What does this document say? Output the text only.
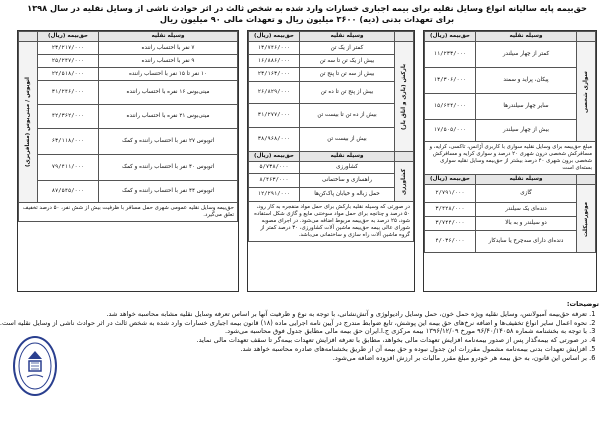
حق‌بیمه پایه سالیانه انواع وسایل نقلیه برای بیمه اجباری خسارات وارد شده به شخص ثالث در اثر حوادث ناشی از وسایل نقلیه در سال ۱۳۹۸
برای تعهدات بدنی (دیه) ۳۶۰۰ میلیون ریال و تعهدات مالی ۹۰ میلیون ریال
	وسیله نقلیه	حق‌بیمه (ریال)
سواری شخصی	کمتر از چهار سیلندر	۱۱/۲۳۳/۰۰۰
	پیکان، پراید و سمند	۱۳/۳۰۶/۰۰۰
	سایر چهار سیلندرها	۱۵/۶۴۴/۰۰۰
	بیش از چهار سیلندر	۱۷/۵۰۵/۰۰۰
مبلغ حق‌بیمه برای وسایل نقلیه سواری با کاربری آژانس، تاکسی، کرایه، و مسافرکش شخصی درون شهری ۲۰ درصد و سواری کرایه و مسافرکش شخصی برون شهری ۴۰ درصد بیشتر از حق‌بیمه وسایل نقلیه سواری بسته‌ای است		
	وسیله نقلیه	حق‌بیمه (ریال)
موتورسیکلت	گازی	۲/۷۹۱/۰۰۰
	دنده‌ای یک سیلندر	۳/۴۲۸/۰۰۰
	دو سیلندر و به بالا	۳/۷۴۴/۰۰۰
	دنده‌ای دارای سه‌چرخ یا سایدکار	۴/۰۳۶/۰۰۰
	وسیله نقلیه	حق‌بیمه (ریال)
بارکش (باری و اتاق بار)	کمتر از یک تن	۱۳/۷۴۶/۰۰۰
	بیش از یک تن تا سه تن	۱۶/۸۸۶/۰۰۰
	بیش از سه تن تا پنج تن	۲۳/۱۶۳/۰۰۰
	بیش از پنج تن تا ده تن	۲۶/۸۲۹/۰۰۰
	بیش از ده تن تا بیست تن	۳۱/۲۷۷/۰۰۰
	بیش از بیست تن	۳۸/۹۶۸/۰۰۰
	وسیله نقلیه	حق‌بیمه (ریال)
کشاورزی	کشاورزی	۵/۷۳۸/۰۰۰
	راهسازی و ساختمانی	۸/۴۶۳/۰۰۰
	حمل زباله و خیابان پاک‌کن‌ها	۱۲/۲۹۱/۰۰۰
در صورتی که وسیله نقلیه بارکش برای حمل مواد منفجره به کار رود، ۵۰ درصد و چنانچه برای حمل مواد سوختنی مایع و گازی شکل استفاده شود، ۲۵ درصد به حق‌بیمه مربوط اضافه می‌شود. در اجرای مصوبه شورای عالی بیمه حق‌بیمه ماشین آلات کشاورزی، ۳۰ درصد کمتر از گروه ماشین آلات راه سازی و ساختمانی می‌باشد.		
وسیله نقلیه	حق‌بیمه (ریال)	
۷ نفر با احتساب راننده	۲۳/۲۱۷/۰۰۰	اتوبوس / مینی‌بوس (مسافربری)
۹ نفر با احتساب راننده	۲۵/۲۴۷/۰۰۰	
۱۰ نفر تا ۱۵ نفر با احتساب راننده	۲۲/۵۱۸/۰۰۰	
مینی‌بوس ۱۶ نفره با احتساب راننده	۳۱/۲۴۶/۰۰۰	
مینی‌بوس ۲۱ نفره با احتساب راننده	۴۲/۳۶۲/۰۰۰	
اتوبوس ۲۷ نفر با احتساب راننده و کمک	۶۳/۱۱۸/۰۰۰	
اتوبوس ۴۰ نفر با احتساب راننده و کمک	۷۹/۴۱۱/۰۰۰	
اتوبوس ۴۴ نفر با احتساب راننده و کمک	۸۷/۵۴۵/۰۰۰	
حق‌بیمه وسایل نقلیه عمومی شهری حمل مسافر با ظرفیت بیش از شش نفر، ۵۰ درصد تخفیف تعلق می‌گیرد.		
توضیحات:
1. تعرفه حق‌بیمه آمبولانس، وسایل نقلیه ویژه حمل خون، حمل وسایل رادیولوژی و آتش‌نشانی، با توجه به نوع و ظرفیت آنها بر اساس تعرفه وسایل نقلیه مشابه محاسبه خواهد شد.
2. نحوه اعمال سایر انواع تخفیف‌ها و اضافه نرخ‌های حق بیمه این پوشش، تابع ضوابط مندرج در آیین نامه اجرایی ماده (۱۸) قانون بیمه اجباری خسارات وارد شده به شخص ثالث در اثر حوادث ناشی از وسایل نقلیه است.
3. با توجه به بخشنامه شماره ۹۶/۴۰/۱۴۰۵۸ مورخ ۱۳۹۶/۱۲/۰۹ بیمه مرکزی ج.ا.ایران حق بیمه مالی مطابق جدول فوق محاسبه می‌شود.
4. در صورتی که بیمه‌گذار پس از صدور بیمه‌نامه افزایش تعهدات مالی بخواهد، مطابق با تعرفه افزایش تعهدات بیمه‌گر تا سقف تعهدات مالی نماید.
5. افزایش تعهدات بدنی بیمه‌نامه مشمول مقررات این جدول نبوده و حق بیمه آن از طریق بخشنامه‌های صادره محاسبه خواهد شد.
6. بر اساس این قانون، به حق بیمه هر خودرو مبلغ مقرر مالیات بر ارزش افزوده اضافه می‌شود.
